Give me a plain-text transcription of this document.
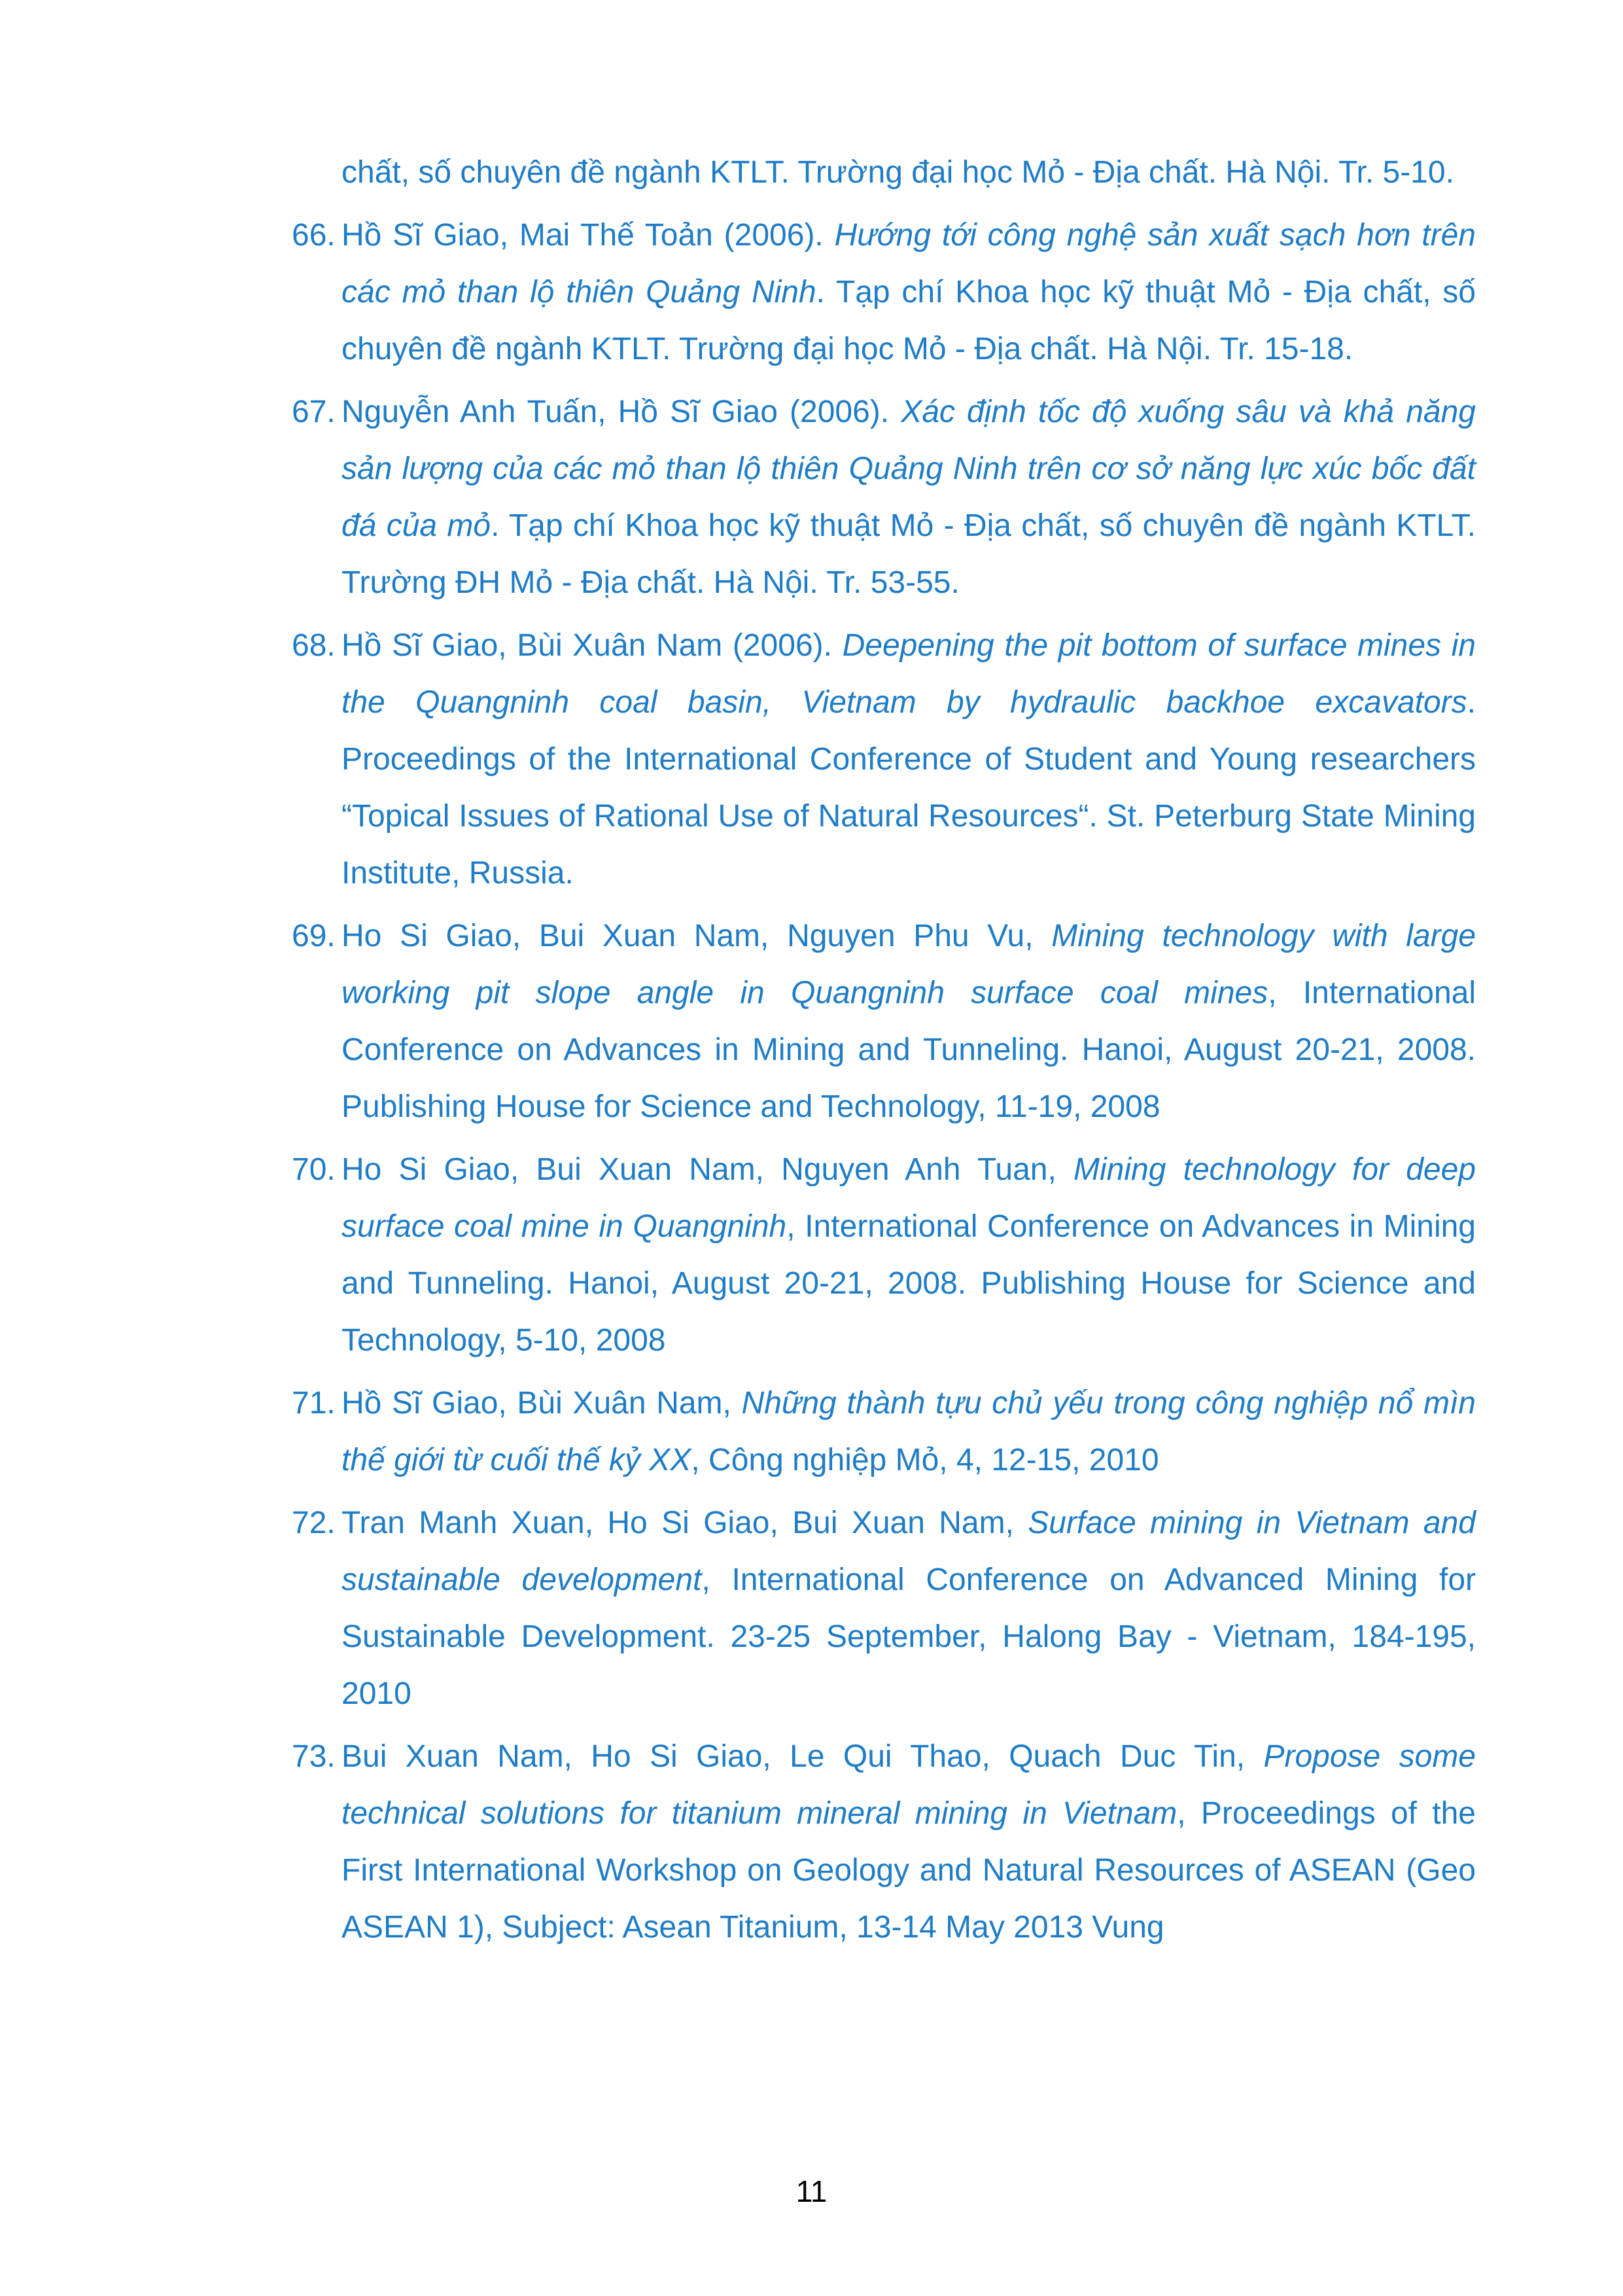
chất, số chuyên đề ngành KTLT. Trường đại học Mỏ - Địa chất. Hà Nội. Tr. 5-10.
66. Hồ Sĩ Giao, Mai Thế Toản (2006). Hướng tới công nghệ sản xuất sạch hơn trên các mỏ than lộ thiên Quảng Ninh. Tạp chí Khoa học kỹ thuật Mỏ - Địa chất, số chuyên đề ngành KTLT. Trường đại học Mỏ - Địa chất. Hà Nội. Tr. 15-18.
67. Nguyễn Anh Tuấn, Hồ Sĩ Giao (2006). Xác định tốc độ xuống sâu và khả năng sản lượng của các mỏ than lộ thiên Quảng Ninh trên cơ sở năng lực xúc bốc đất đá của mỏ. Tạp chí Khoa học kỹ thuật Mỏ - Địa chất, số chuyên đề ngành KTLT. Trường ĐH Mỏ - Địa chất. Hà Nội. Tr. 53-55.
68. Hồ Sĩ Giao, Bùi Xuân Nam (2006). Deepening the pit bottom of surface mines in the Quangninh coal basin, Vietnam by hydraulic backhoe excavators. Proceedings of the International Conference of Student and Young researchers “Topical Issues of Rational Use of Natural Resources“. St. Peterburg State Mining Institute, Russia.
69. Ho Si Giao, Bui Xuan Nam, Nguyen Phu Vu, Mining technology with large working pit slope angle in Quangninh surface coal mines, International Conference on Advances in Mining and Tunneling. Hanoi, August 20-21, 2008. Publishing House for Science and Technology, 11-19, 2008
70. Ho Si Giao, Bui Xuan Nam, Nguyen Anh Tuan, Mining technology for deep surface coal mine in Quangninh, International Conference on Advances in Mining and Tunneling. Hanoi, August 20-21, 2008. Publishing House for Science and Technology, 5-10, 2008
71. Hồ Sĩ Giao, Bùi Xuân Nam, Những thành tựu chủ yếu trong công nghiệp nổ mìn thế giới từ cuối thế kỷ XX, Công nghiệp Mỏ, 4, 12-15, 2010
72. Tran Manh Xuan, Ho Si Giao, Bui Xuan Nam, Surface mining in Vietnam and sustainable development, International Conference on Advanced Mining for Sustainable Development. 23-25 September, Halong Bay - Vietnam, 184-195, 2010
73. Bui Xuan Nam, Ho Si Giao, Le Qui Thao, Quach Duc Tin, Propose some technical solutions for titanium mineral mining in Vietnam, Proceedings of the First International Workshop on Geology and Natural Resources of ASEAN (Geo ASEAN 1), Subject: Asean Titanium, 13-14 May 2013 Vung
11
